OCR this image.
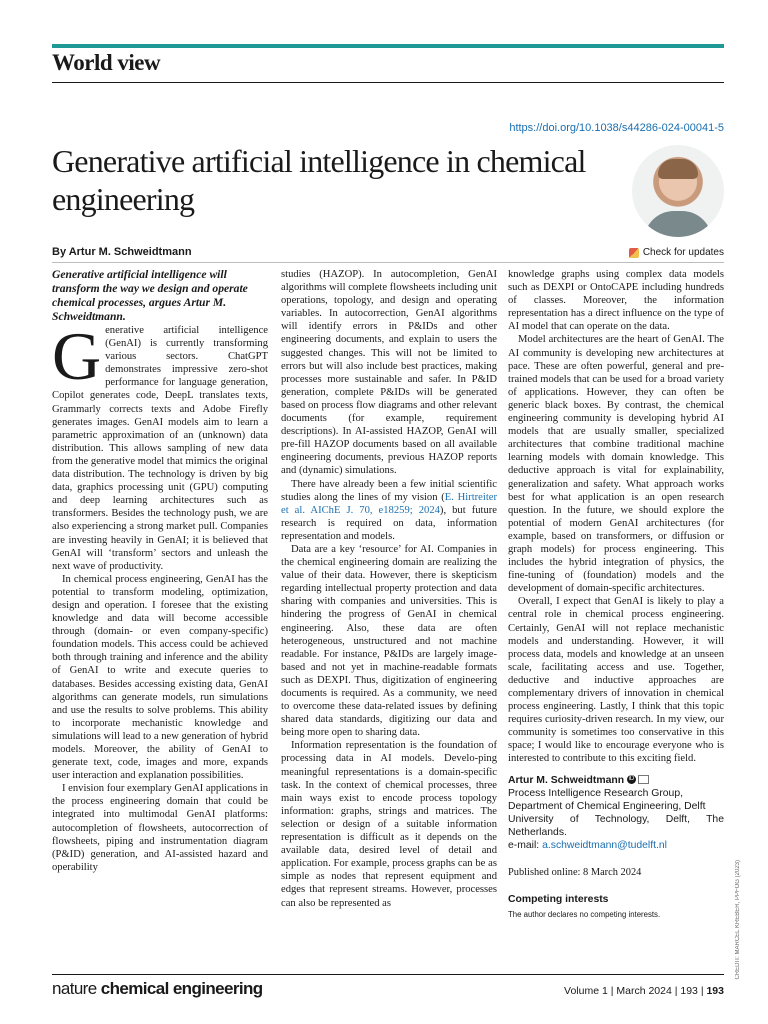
World view
https://doi.org/10.1038/s44286-024-00041-5
Generative artificial intelligence in chemical engineering
By Artur M. Schweidtmann	Check for updates

Generative artificial intelligence will transform the way we design and operate chemical processes, argues Artur M. Schweidtmann.

Generative artificial intelligence (GenAI) is currently transforming various sectors. ChatGPT demonstrates impressive zero-shot performance for language generation, Copilot generates code, DeepL translates texts, Grammarly corrects texts and Adobe Firefly generates images. GenAI models aim to learn a parametric approximation of an (unknown) data distribution. This allows sampling of new data from the generative model that mimics the original data distribution. The technology is driven by big data, graphics processing unit (GPU) computing and deep learning architectures such as transformers. Besides the technology push, we are also experiencing a strong market pull. Companies are investing heavily in GenAI; it is believed that GenAI will ‘transform’ sectors and unleash the next wave of productivity.

In chemical process engineering, GenAI has the potential to transform modeling, optimization, design and operation. I foresee that the existing knowledge and data will become accessible through (domain- or even company-specific) foundation models. This access could be achieved both through training and inference and the ability of GenAI to write and execute queries to databases. Besides accessing existing data, GenAI algorithms can generate models, run simulations and use the results to solve problems. This ability to incorporate mechanistic knowledge and simulations will lead to a new generation of hybrid models. Moreover, the ability of GenAI to generate text, code, images and more, expands user interaction and explanation possibilities.

I envision four exemplary GenAI applications in the process engineering domain that could be integrated into multimodal GenAI platforms: autocompletion of flowsheets, autocorrection of flowsheets, piping and instrumentation diagram (P&ID) generation, and AI-assisted hazard and operability

studies (HAZOP). In autocompletion, GenAI algorithms will complete flowsheets including unit operations, topology, and design and operating variables. In autocorrection, GenAI algorithms will identify errors in P&IDs and other engineering documents, and explain to users the suggested changes. This will not be limited to errors but will also include best practices, making processes more sustainable and safer. In P&ID generation, complete P&IDs will be generated based on process flow diagrams and other relevant documents (for example, requirement descriptions). In AI-assisted HAZOP, GenAI will pre-fill HAZOP documents based on all available engineering documents, previous HAZOP reports and (dynamic) simulations.

There have already been a few initial scientific studies along the lines of my vision (E. Hirtreiter et al. AIChE J. 70, e18259; 2024), but future research is required on data, information representation and models.

Data are a key ‘resource’ for AI. Companies in the chemical engineering domain are realizing the value of their data. However, there is skepticism regarding intellectual property protection and data sharing with companies and universities. This is hindering the progress of GenAI in chemical engineering. Also, these data are often heterogeneous, unstructured and not machine readable. For instance, P&IDs are largely image-based and not yet in machine-readable formats such as DEXPI. Thus, digitization of engineering documents is required. As a community, we need to overcome these data-related issues by defining shared data standards, digitizing our data and being more open to sharing data.

Information representation is the foundation of processing data in AI models. Develo-ping meaningful representations is a domain-specific task. In the context of chemical processes, three main ways exist to encode process topology information: graphs, strings and matrices. The selection or design of a suitable information representation is difficult as it depends on the available data, desired level of detail and application. For example, process graphs can be as simple as nodes that represent equipment and edges that represent streams. However, processes can also be represented as

knowledge graphs using complex data models such as DEXPI or OntoCAPE including hundreds of classes. Moreover, the information representation has a direct influence on the type of AI model that can operate on the data.

Model architectures are the heart of GenAI. The AI community is developing new architectures at pace. These are often powerful, general and pre-trained models that can be used for a broad variety of applications. However, they can often be generic black boxes. By contrast, the chemical engineering community is developing hybrid AI models that are usually smaller, specialized architectures that combine traditional machine learning models with domain knowledge. This deductive approach is vital for explainability, generalization and safety. What approach works best for what application is an open research question. In the future, we should explore the potential of modern GenAI architectures (for example, based on transformers, or diffusion or graph models) for process engineering. This includes the hybrid integration of physics, the fine-tuning of (foundation) models and the development of domain-specific architectures.

Overall, I expect that GenAI is likely to play a central role in chemical process engineering. Certainly, GenAI will not replace mechanistic models and understanding. However, it will process data, models and knowledge at an unseen scale, facilitating access and use. Together, deductive and inductive approaches are complementary drivers of innovation in chemical process engineering. Lastly, I think that this topic requires curiosity-driven research. In my view, our community is sometimes too conservative in this space; I would like to encourage everyone who is interested to contribute to this exciting field.

Artur M. Schweidtmann iD
Process Intelligence Research Group,
Department of Chemical Engineering, Delft
University of Technology, Delft, The Netherlands.
e-mail: a.schweidtmann@tudelft.nl
Published online: 8 March 2024
Competing interests
The author declares no competing interests.	CREDIT: MARCEL KREBER, PPFOG (2023)
nature chemical engineering	Volume 1 | March 2024 | 193 | 193
